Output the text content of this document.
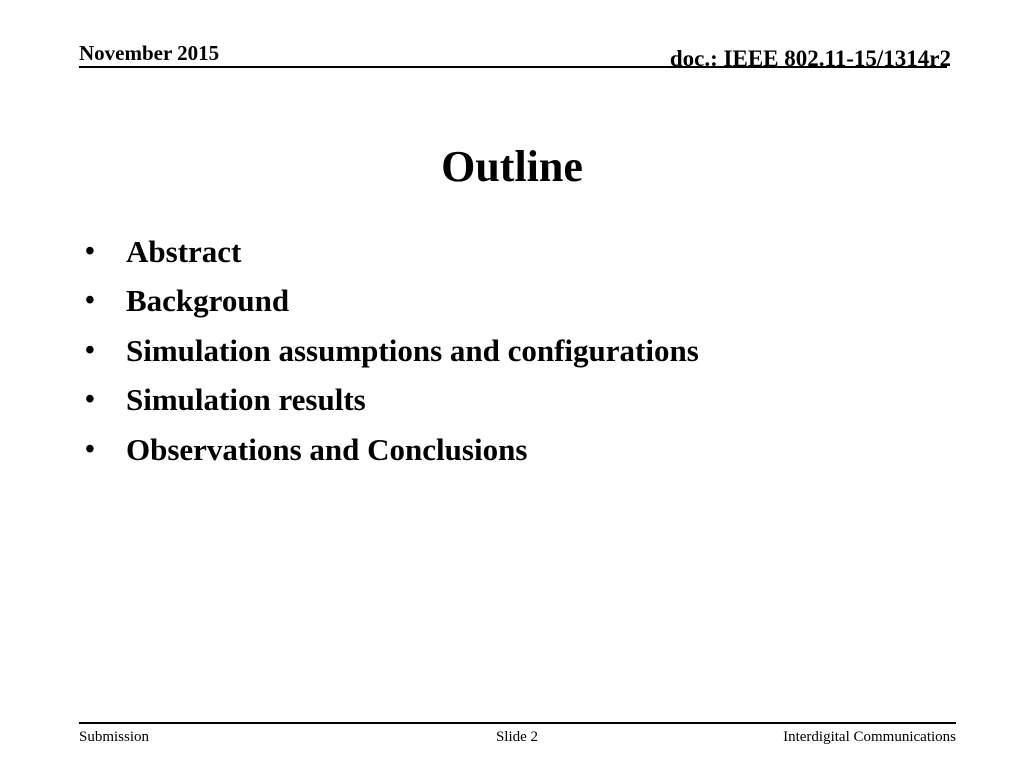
November 2015	doc.: IEEE 802.11-15/1314r2
Outline
•	Abstract
•	Background
•	Simulation assumptions and configurations
•	Simulation results
•	Observations and Conclusions
Submission	Slide 2	Interdigital Communications
